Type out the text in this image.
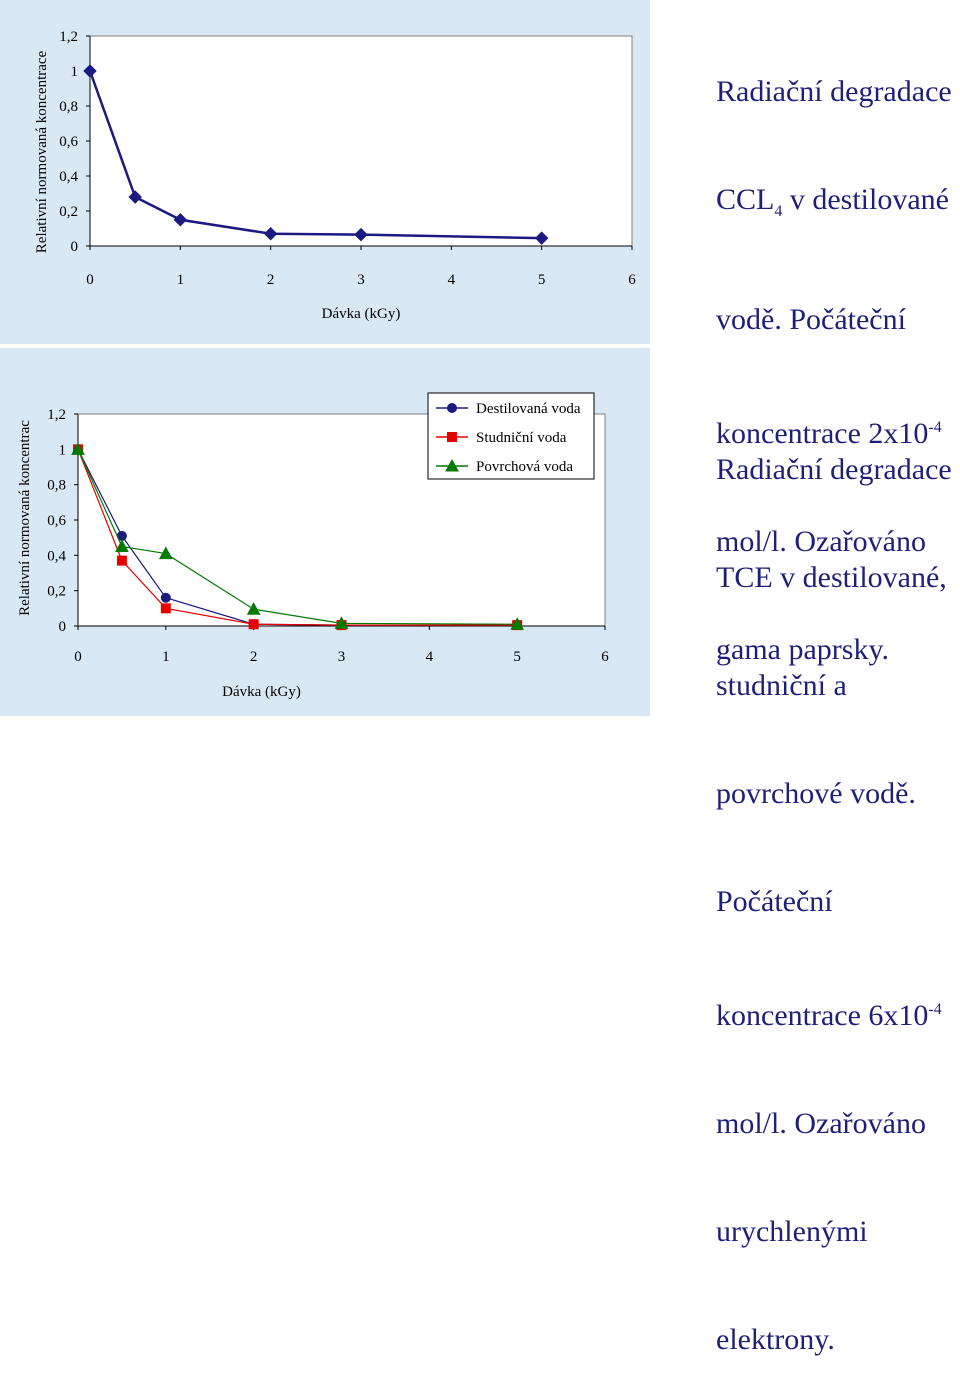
0
0,2
0,4
0,6
0,8
1
1,2
0	1	2	3	4	5	6
Dávka (kGy)
Relativní normovaná koncentrace
0
0,2
0,4
0,6
0,8
1
1,2
0	1	2	3	4	5	6
Dávka (kGy)
Relativní normovaná koncentrac
Destilovaná voda
Studniční voda
Povrchová voda

Radiační degradace

$CCL_4$ v destilované

vodě. Počáteční

koncentrace $2x10^{-4}$

mol/l. Ozařováno

gama paprsky.

Radiační degradace

TCE v destilované,

studniční a

povrchové vodě.

Počáteční

koncentrace $6x10^{-4}$

mol/l. Ozařováno

urychlenými

elektrony.
